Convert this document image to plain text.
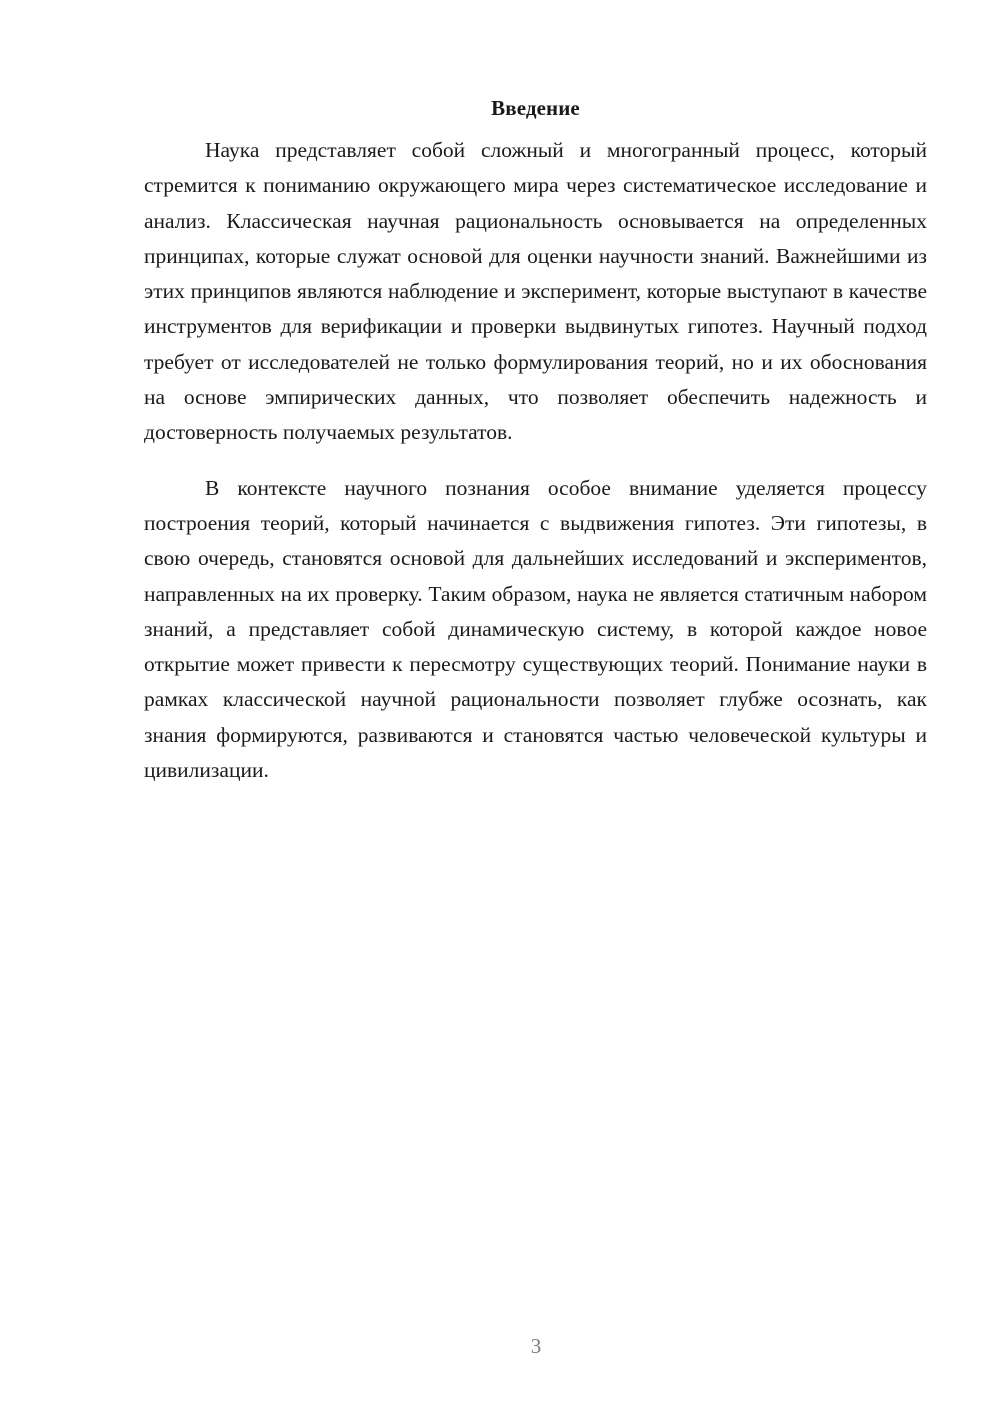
Введение

Наука представляет собой сложный и многогранный процесс, который стремится к пониманию окружающего мира через систематическое исследование и анализ. Классическая научная рациональность основывается на определенных принципах, которые служат основой для оценки научности знаний. Важнейшими из этих принципов являются наблюдение и эксперимент, которые выступают в качестве инструментов для верификации и проверки выдвинутых гипотез. Научный подход требует от исследователей не только формулирования теорий, но и их обоснования на основе эмпирических данных, что позволяет обеспечить надежность и достоверность получаемых результатов.

В контексте научного познания особое внимание уделяется процессу построения теорий, который начинается с выдвижения гипотез. Эти гипотезы, в свою очередь, становятся основой для дальнейших исследований и экспериментов, направленных на их проверку. Таким образом, наука не является статичным набором знаний, а представляет собой динамическую систему, в которой каждое новое открытие может привести к пересмотру существующих теорий. Понимание науки в рамках классической научной рациональности позволяет глубже осознать, как знания формируются, развиваются и становятся частью человеческой культуры и цивилизации.

3
